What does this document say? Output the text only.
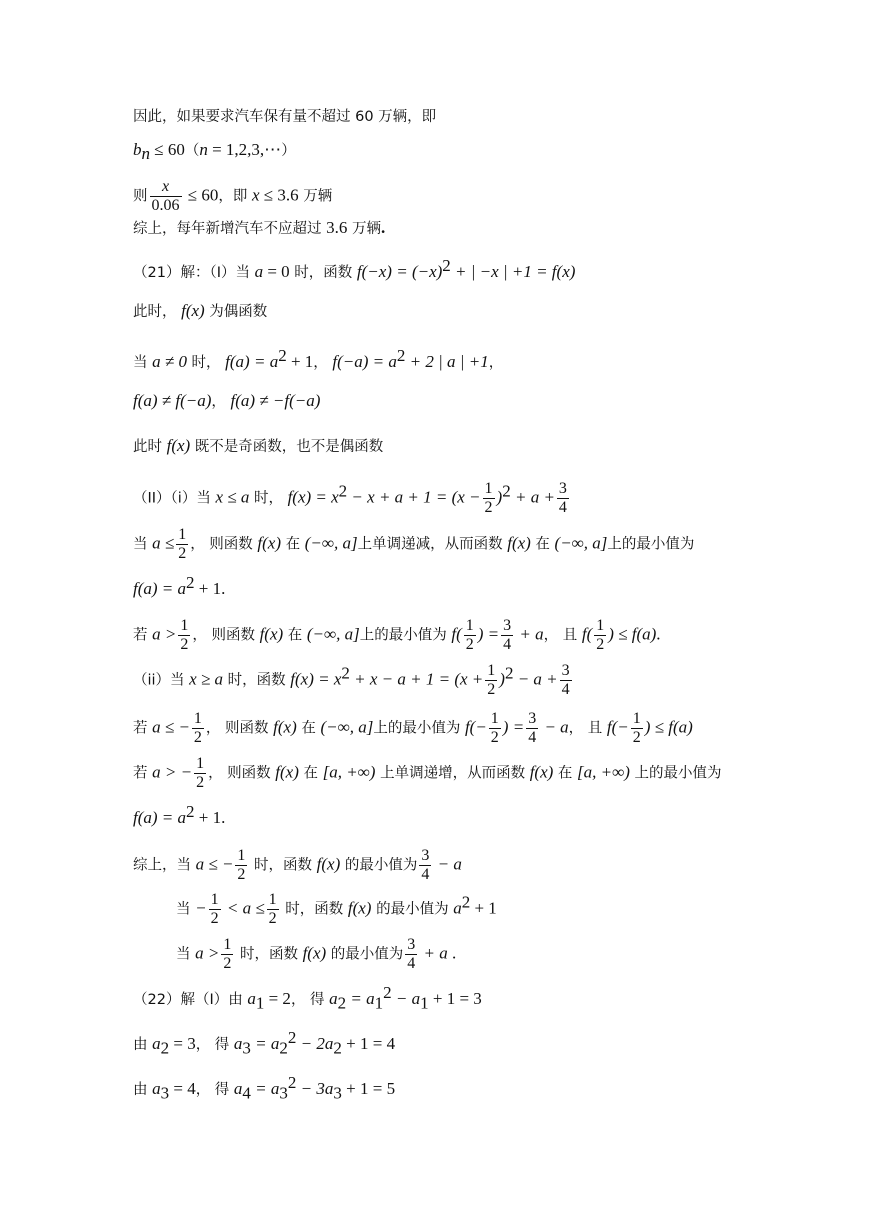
因此，如果要求汽车保有量不超过 60 万辆，即
$b_n \le 60(n$ = 1,2,3,⋯）
则 $\frac{x}{0.06} \le 60$，即 x ≤ 3.6 万辆
综上，每年新增汽车不应超过 3.6 万辆.
（21）解：（I）当 a = 0 时，函数 $f(-x) = (-x)^2$ + | −x | +1 = f(x)
此时， f(x) 为偶函数
当 a ≠ 0 时， $f(a) = a^2 + 1$， $f(-a) = a^2 + 2$ | a | +1，
f(a) ≠ f(−a)， f(a) ≠ −f(−a)
此时 f(x) 既不是奇函数，也不是偶函数
（II）（i）当 x ≤ a 时， $f(x) = x^2 - x + a + 1 = (x - \frac{1}{2} )^2 + a + \frac{3}{4}$
当 $a \le \frac{1}{2}$ ， 则函数 f(x) 在 (−∞, a]上单调递减，从而函数 f(x) 在 (−∞, a]上的最小值为
$f(a) = a^2 + 1$.
若 $a > \frac{1}{2}$ ， 则函数 f(x) 在 (−∞, a]上的最小值为 $f( \frac{1}{2}$ ) = $\frac{3}{4} + a$， 且 $f( \frac{1}{2}$ ) ≤ f(a).
（ii）当 x ≥ a 时，函数 $f(x) = x^2 + x - a + 1 = (x + \frac{1}{2} )^2 - a + \frac{3}{4}$
若 a ≤ − $\frac{1}{2}$ ， 则函数 f(x) 在 (−∞, a]上的最小值为 $f(- \frac{1}{2}$ ) = $\frac{3}{4} - a$， 且 $f(- \frac{1}{2}$ ) ≤ f(a)
若 a > − $\frac{1}{2}$ ， 则函数 f(x) 在 [a, +∞) 上单调递增，从而函数 f(x) 在 [a, +∞) 上的最小值为
$f(a) = a^2 + 1$.
综上，当 a ≤ − $\frac{1}{2}$ 时，函数 f(x) 的最小值为 $\frac{3}{4} - a$
当 − $\frac{1}{2} < a \le \frac{1}{2}$ 时，函数 f(x) 的最小值为 $a^2 + 1$
当 $a > \frac{1}{2}$ 时，函数 f(x) 的最小值为 $\frac{3}{4} + a$ .
（22）解（I）由 $a_1 = 2$， 得 $a_2 = a_1^2 - a_1 + 1 = 3$
由 $a_2 = 3$， 得 $a_3 = a_2^2 - 2a_2 + 1 = 4$
由 $a_3 = 4$， 得 $a_4 = a_3^2 - 3a_3 + 1 = 5$
